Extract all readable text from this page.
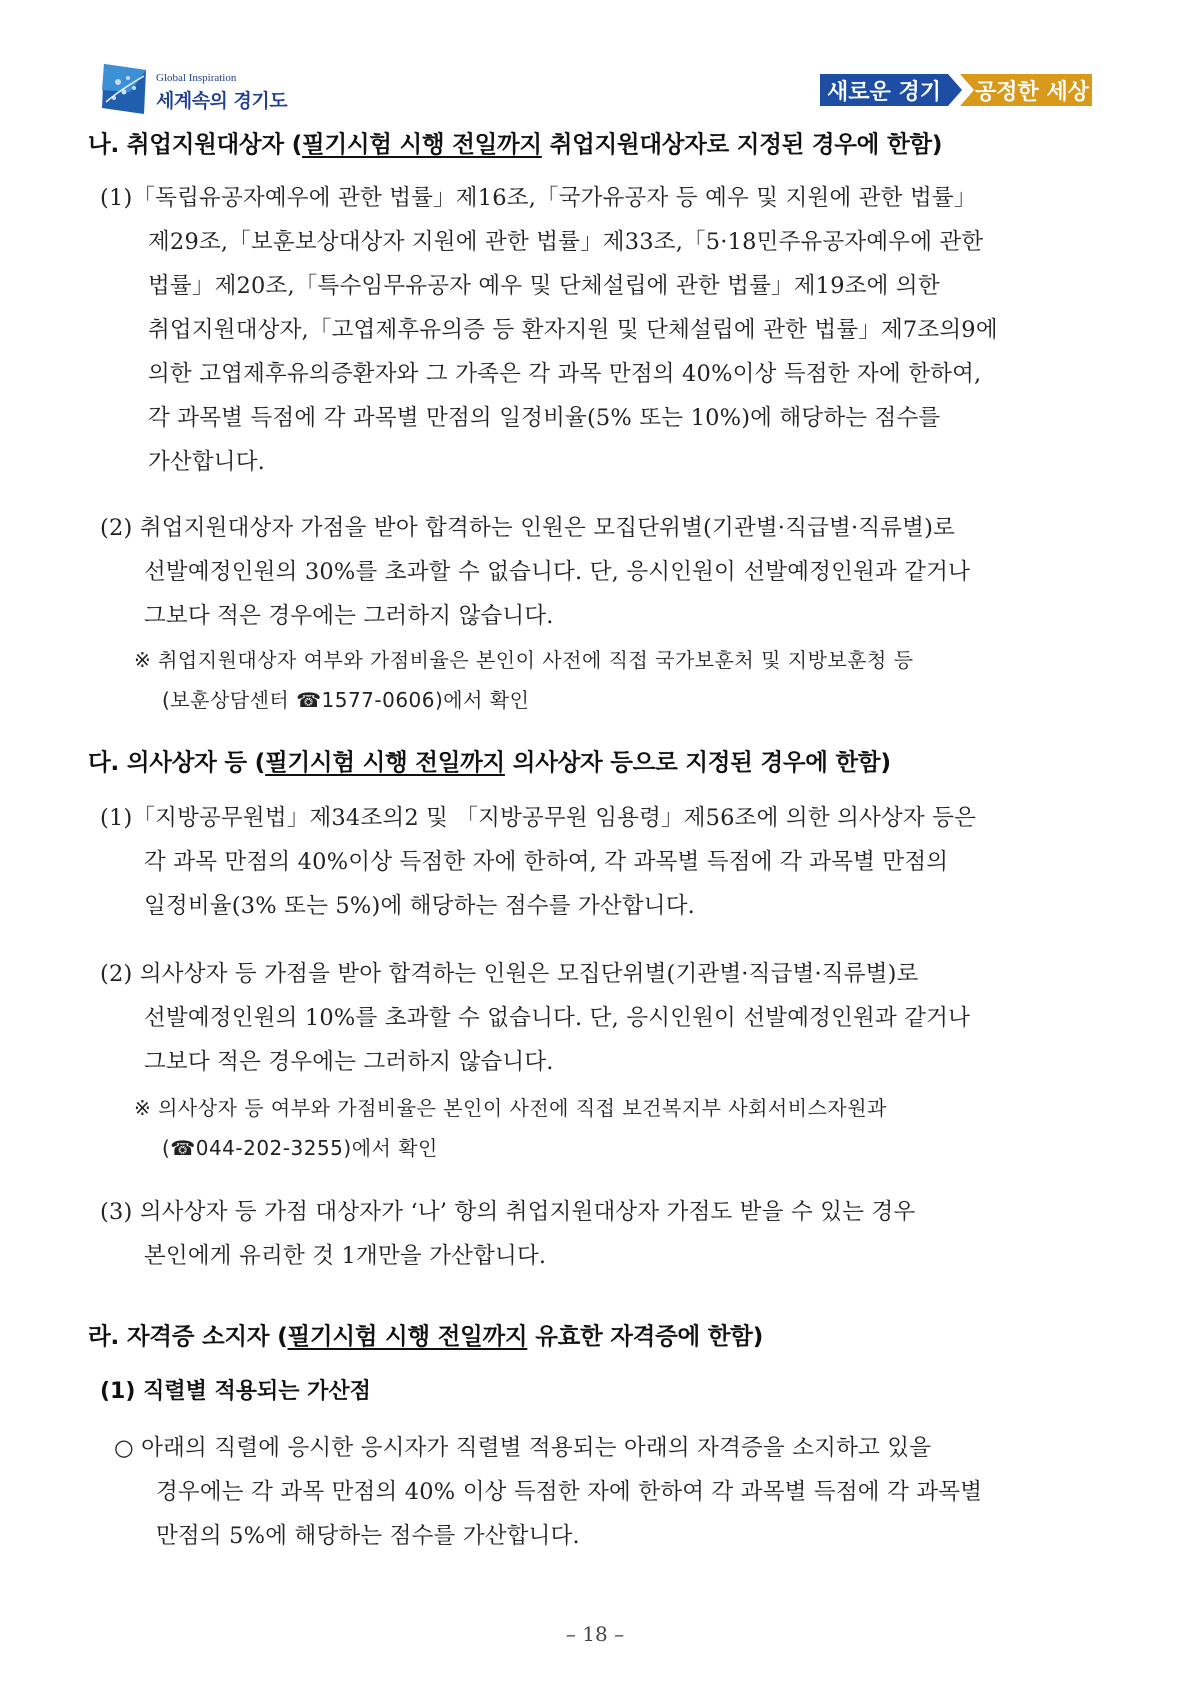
Global Inspiration
세계속의 경기도	새로운 경기 공정한 세상
나. 취업지원대상자 (필기시험 시행 전일까지 취업지원대상자로 지정된 경우에 한함)
(1)「독립유공자예우에 관한 법률」제16조,「국가유공자 등 예우 및 지원에 관한 법률」
제29조,「보훈보상대상자 지원에 관한 법률」제33조,「5·18민주유공자예우에 관한
법률」제20조,「특수임무유공자 예우 및 단체설립에 관한 법률」제19조에 의한
취업지원대상자,「고엽제후유의증 등 환자지원 및 단체설립에 관한 법률」제7조의9에
의한 고엽제후유의증환자와 그 가족은 각 과목 만점의 40%이상 득점한 자에 한하여,
각 과목별 득점에 각 과목별 만점의 일정비율(5% 또는 10%)에 해당하는 점수를
가산합니다.
(2) 취업지원대상자 가점을 받아 합격하는 인원은 모집단위별(기관별·직급별·직류별)로
선발예정인원의 30%를 초과할 수 없습니다. 단, 응시인원이 선발예정인원과 같거나
그보다 적은 경우에는 그러하지 않습니다.
※ 취업지원대상자 여부와 가점비율은 본인이 사전에 직접 국가보훈처 및 지방보훈청 등
(보훈상담센터 ☎1577-0606)에서 확인
다. 의사상자 등 (필기시험 시행 전일까지 의사상자 등으로 지정된 경우에 한함)
(1)「지방공무원법」제34조의2 및 「지방공무원 임용령」제56조에 의한 의사상자 등은
각 과목 만점의 40%이상 득점한 자에 한하여, 각 과목별 득점에 각 과목별 만점의
일정비율(3% 또는 5%)에 해당하는 점수를 가산합니다.
(2) 의사상자 등 가점을 받아 합격하는 인원은 모집단위별(기관별·직급별·직류별)로
선발예정인원의 10%를 초과할 수 없습니다. 단, 응시인원이 선발예정인원과 같거나
그보다 적은 경우에는 그러하지 않습니다.
※ 의사상자 등 여부와 가점비율은 본인이 사전에 직접 보건복지부 사회서비스자원과
(☎044-202-3255)에서 확인
(3) 의사상자 등 가점 대상자가 ‘나’ 항의 취업지원대상자 가점도 받을 수 있는 경우
본인에게 유리한 것 1개만을 가산합니다.
라. 자격증 소지자 (필기시험 시행 전일까지 유효한 자격증에 한함)
(1) 직렬별 적용되는 가산점
○ 아래의 직렬에 응시한 응시자가 직렬별 적용되는 아래의 자격증을 소지하고 있을
경우에는 각 과목 만점의 40% 이상 득점한 자에 한하여 각 과목별 득점에 각 과목별
만점의 5%에 해당하는 점수를 가산합니다.
– 18 –
